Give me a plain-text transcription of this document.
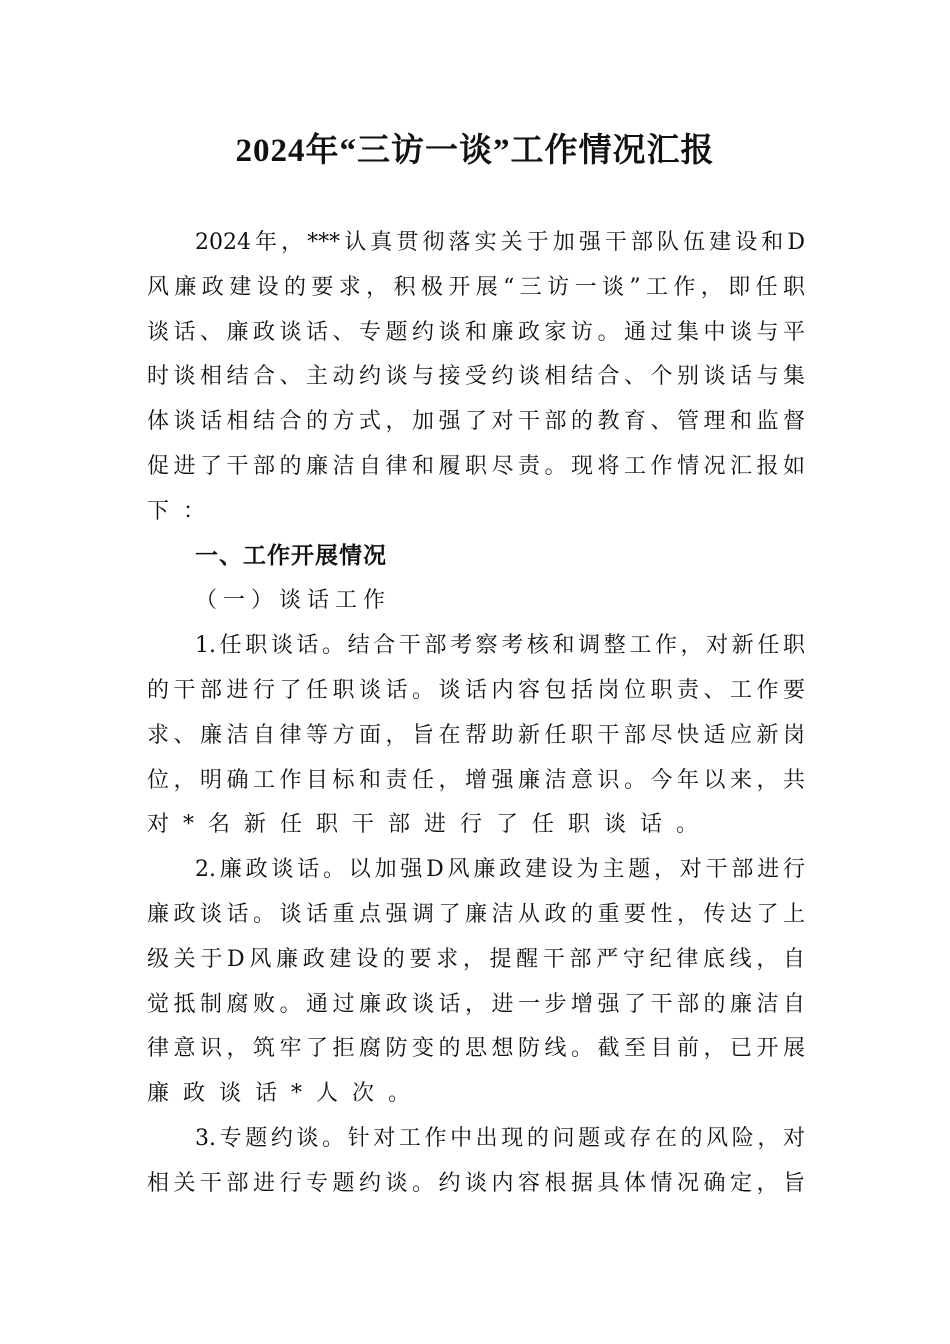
2024年“三访一谈”工作情况汇报
2024年，***认真贯彻落实关于加强干部队伍建设和D
风廉政建设的要求，积极开展“三访一谈”工作，即任职
谈话、廉政谈话、专题约谈和廉政家访。通过集中谈与平
时谈相结合、主动约谈与接受约谈相结合、个别谈话与集
体谈话相结合的方式，加强了对干部的教育、管理和监督
促进了干部的廉洁自律和履职尽责。现将工作情况汇报如
下：
一、工作开展情况
（一）谈话工作
1.任职谈话。结合干部考察考核和调整工作，对新任职
的干部进行了任职谈话。谈话内容包括岗位职责、工作要
求、廉洁自律等方面，旨在帮助新任职干部尽快适应新岗
位，明确工作目标和责任，增强廉洁意识。今年以来，共
对*名新任职干部进行了任职谈话。
2.廉政谈话。以加强D风廉政建设为主题，对干部进行
廉政谈话。谈话重点强调了廉洁从政的重要性，传达了上
级关于D风廉政建设的要求，提醒干部严守纪律底线，自
觉抵制腐败。通过廉政谈话，进一步增强了干部的廉洁自
律意识，筑牢了拒腐防变的思想防线。截至目前，已开展
廉政谈话*人次。
3.专题约谈。针对工作中出现的问题或存在的风险，对
相关干部进行专题约谈。约谈内容根据具体情况确定，旨
